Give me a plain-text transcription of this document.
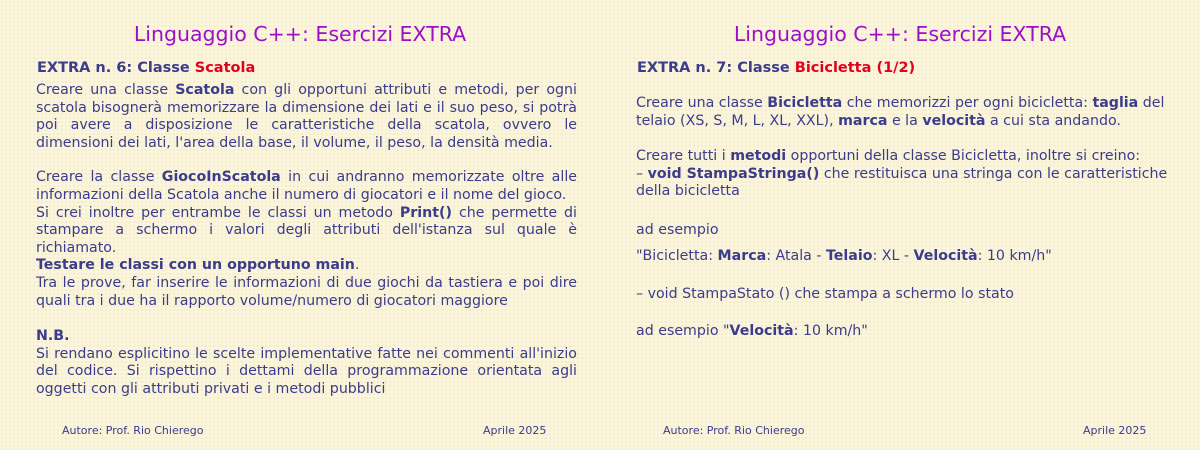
Linguaggio C++: Esercizi EXTRA
EXTRA n. 6: Classe Scatola

Creare una classe Scatola con gli opportuni attributi e metodi, per ogni scatola bisognerà memorizzare la dimensione dei lati e il suo peso, si potrà poi avere a disposizione le caratteristiche della scatola, ovvero le dimensioni dei lati, l'area della base, il volume, il peso, la densità media.

Creare la classe GiocoInScatola in cui andranno memorizzate oltre alle informazioni della Scatola anche il numero di giocatori e il nome del gioco.

Si crei inoltre per entrambe le classi un metodo Print() che permette di stampare a schermo i valori degli attributi dell'istanza sul quale è richiamato.

Testare le classi con un opportuno main.

Tra le prove, far inserire le informazioni di due giochi da tastiera e poi dire quali tra i due ha il rapporto volume/numero di giocatori maggiore

N.B.

Si rendano esplicitino le scelte implementative fatte nei commenti all'inizio del codice. Si rispettino i dettami della programmazione orientata agli oggetti con gli attributi privati e i metodi pubblici

Autore: Prof. Rio Chierego	Aprile 2025
Linguaggio C++: Esercizi EXTRA
EXTRA n. 7: Classe Bicicletta (1/2)

Creare una classe Bicicletta che memorizzi per ogni bicicletta: taglia del telaio (XS, S, M, L, XL, XXL), marca e la velocità a cui sta andando.

Creare tutti i metodi opportuni della classe Bicicletta, inoltre si creino:

– void StampaStringa() che restituisca una stringa con le caratteristiche della bicicletta

ad esempio

"Bicicletta: Marca: Atala - Telaio: XL - Velocità: 10 km/h"

– void StampaStato () che stampa a schermo lo stato

ad esempio "Velocità: 10 km/h"

Autore: Prof. Rio Chierego	Aprile 2025
